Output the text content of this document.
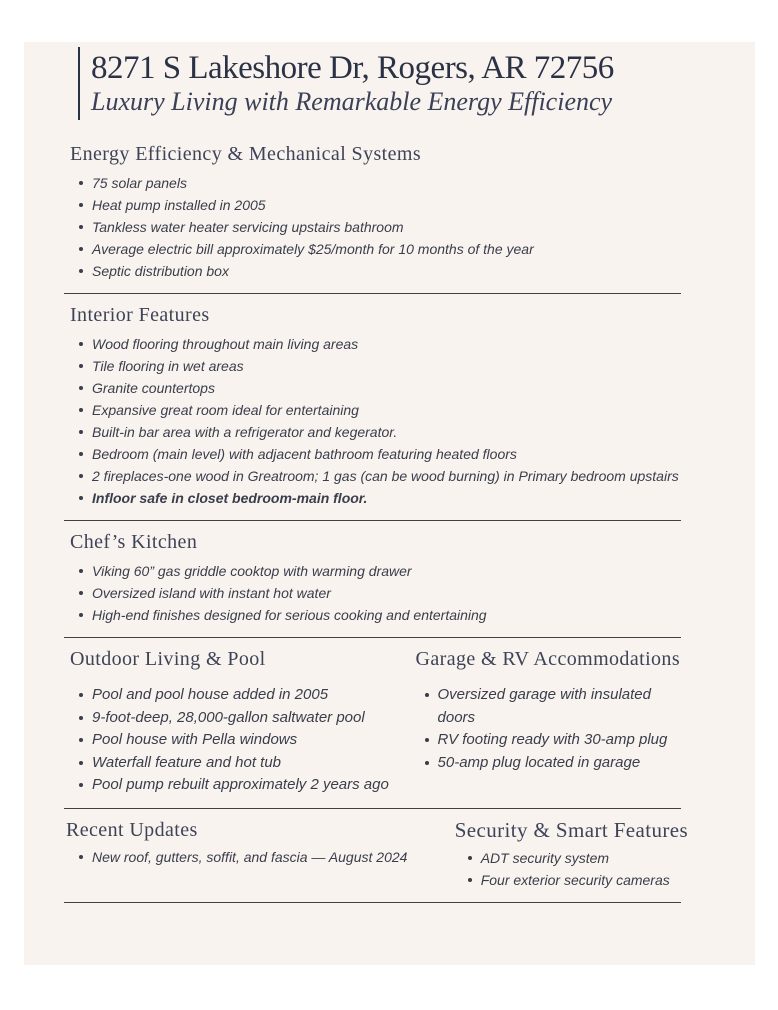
8271 S Lakeshore Dr, Rogers, AR 72756
Luxury Living with Remarkable Energy Efficiency
Energy Efficiency & Mechanical Systems
75 solar panels
Heat pump installed in 2005
Tankless water heater servicing upstairs bathroom
Average electric bill approximately $25/month for 10 months of the year
Septic distribution box
Interior Features
Wood flooring throughout main living areas
Tile flooring in wet areas
Granite countertops
Expansive great room ideal for entertaining
Built-in bar area with a refrigerator and kegerator.
Bedroom (main level) with adjacent bathroom featuring heated floors
2 fireplaces-one wood in Greatroom; 1 gas (can be wood burning) in Primary bedroom upstairs
Infloor safe in closet bedroom-main floor.
Chef’s Kitchen
Viking 60” gas griddle cooktop with warming drawer
Oversized island with instant hot water
High-end finishes designed for serious cooking and entertaining
Outdoor Living & Pool
Pool and pool house added in 2005
9-foot-deep, 28,000-gallon saltwater pool
Pool house with Pella windows
Waterfall feature and hot tub
Pool pump rebuilt approximately 2 years ago
Garage & RV Accommodations
Oversized garage with insulated doors
RV footing ready with 30-amp plug
50-amp plug located in garage
Recent Updates
New roof, gutters, soffit, and fascia — August 2024
Security & Smart Features
ADT security system
Four exterior security cameras
